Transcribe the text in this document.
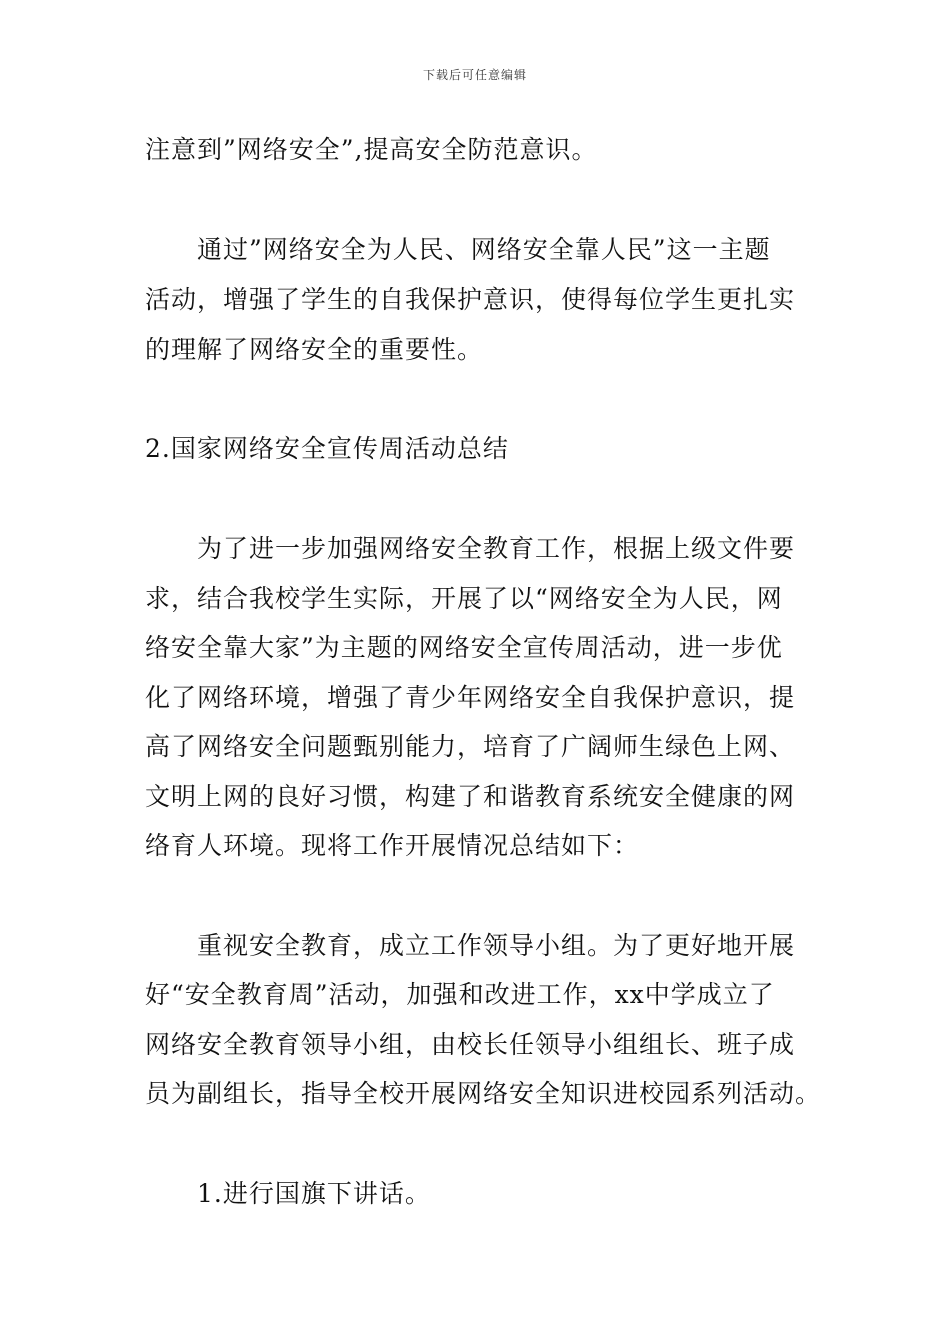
下载后可任意编辑
注意到”网络安全”,提高安全防范意识。
通过”网络安全为人民、网络安全靠人民”这一主题
活动，增强了学生的自我保护意识，使得每位学生更扎实
的理解了网络安全的重要性。
2.国家网络安全宣传周活动总结
为了进一步加强网络安全教育工作，根据上级文件要
求，结合我校学生实际，开展了以“网络安全为人民，网
络安全靠大家”为主题的网络安全宣传周活动，进一步优
化了网络环境，增强了青少年网络安全自我保护意识，提
高了网络安全问题甄别能力，培育了广阔师生绿色上网、
文明上网的良好习惯，构建了和谐教育系统安全健康的网
络育人环境。现将工作开展情况总结如下：
重视安全教育，成立工作领导小组。为了更好地开展
好“安全教育周”活动，加强和改进工作，xx中学成立了
网络安全教育领导小组，由校长任领导小组组长、班子成
员为副组长，指导全校开展网络安全知识进校园系列活动。
1.进行国旗下讲话。
